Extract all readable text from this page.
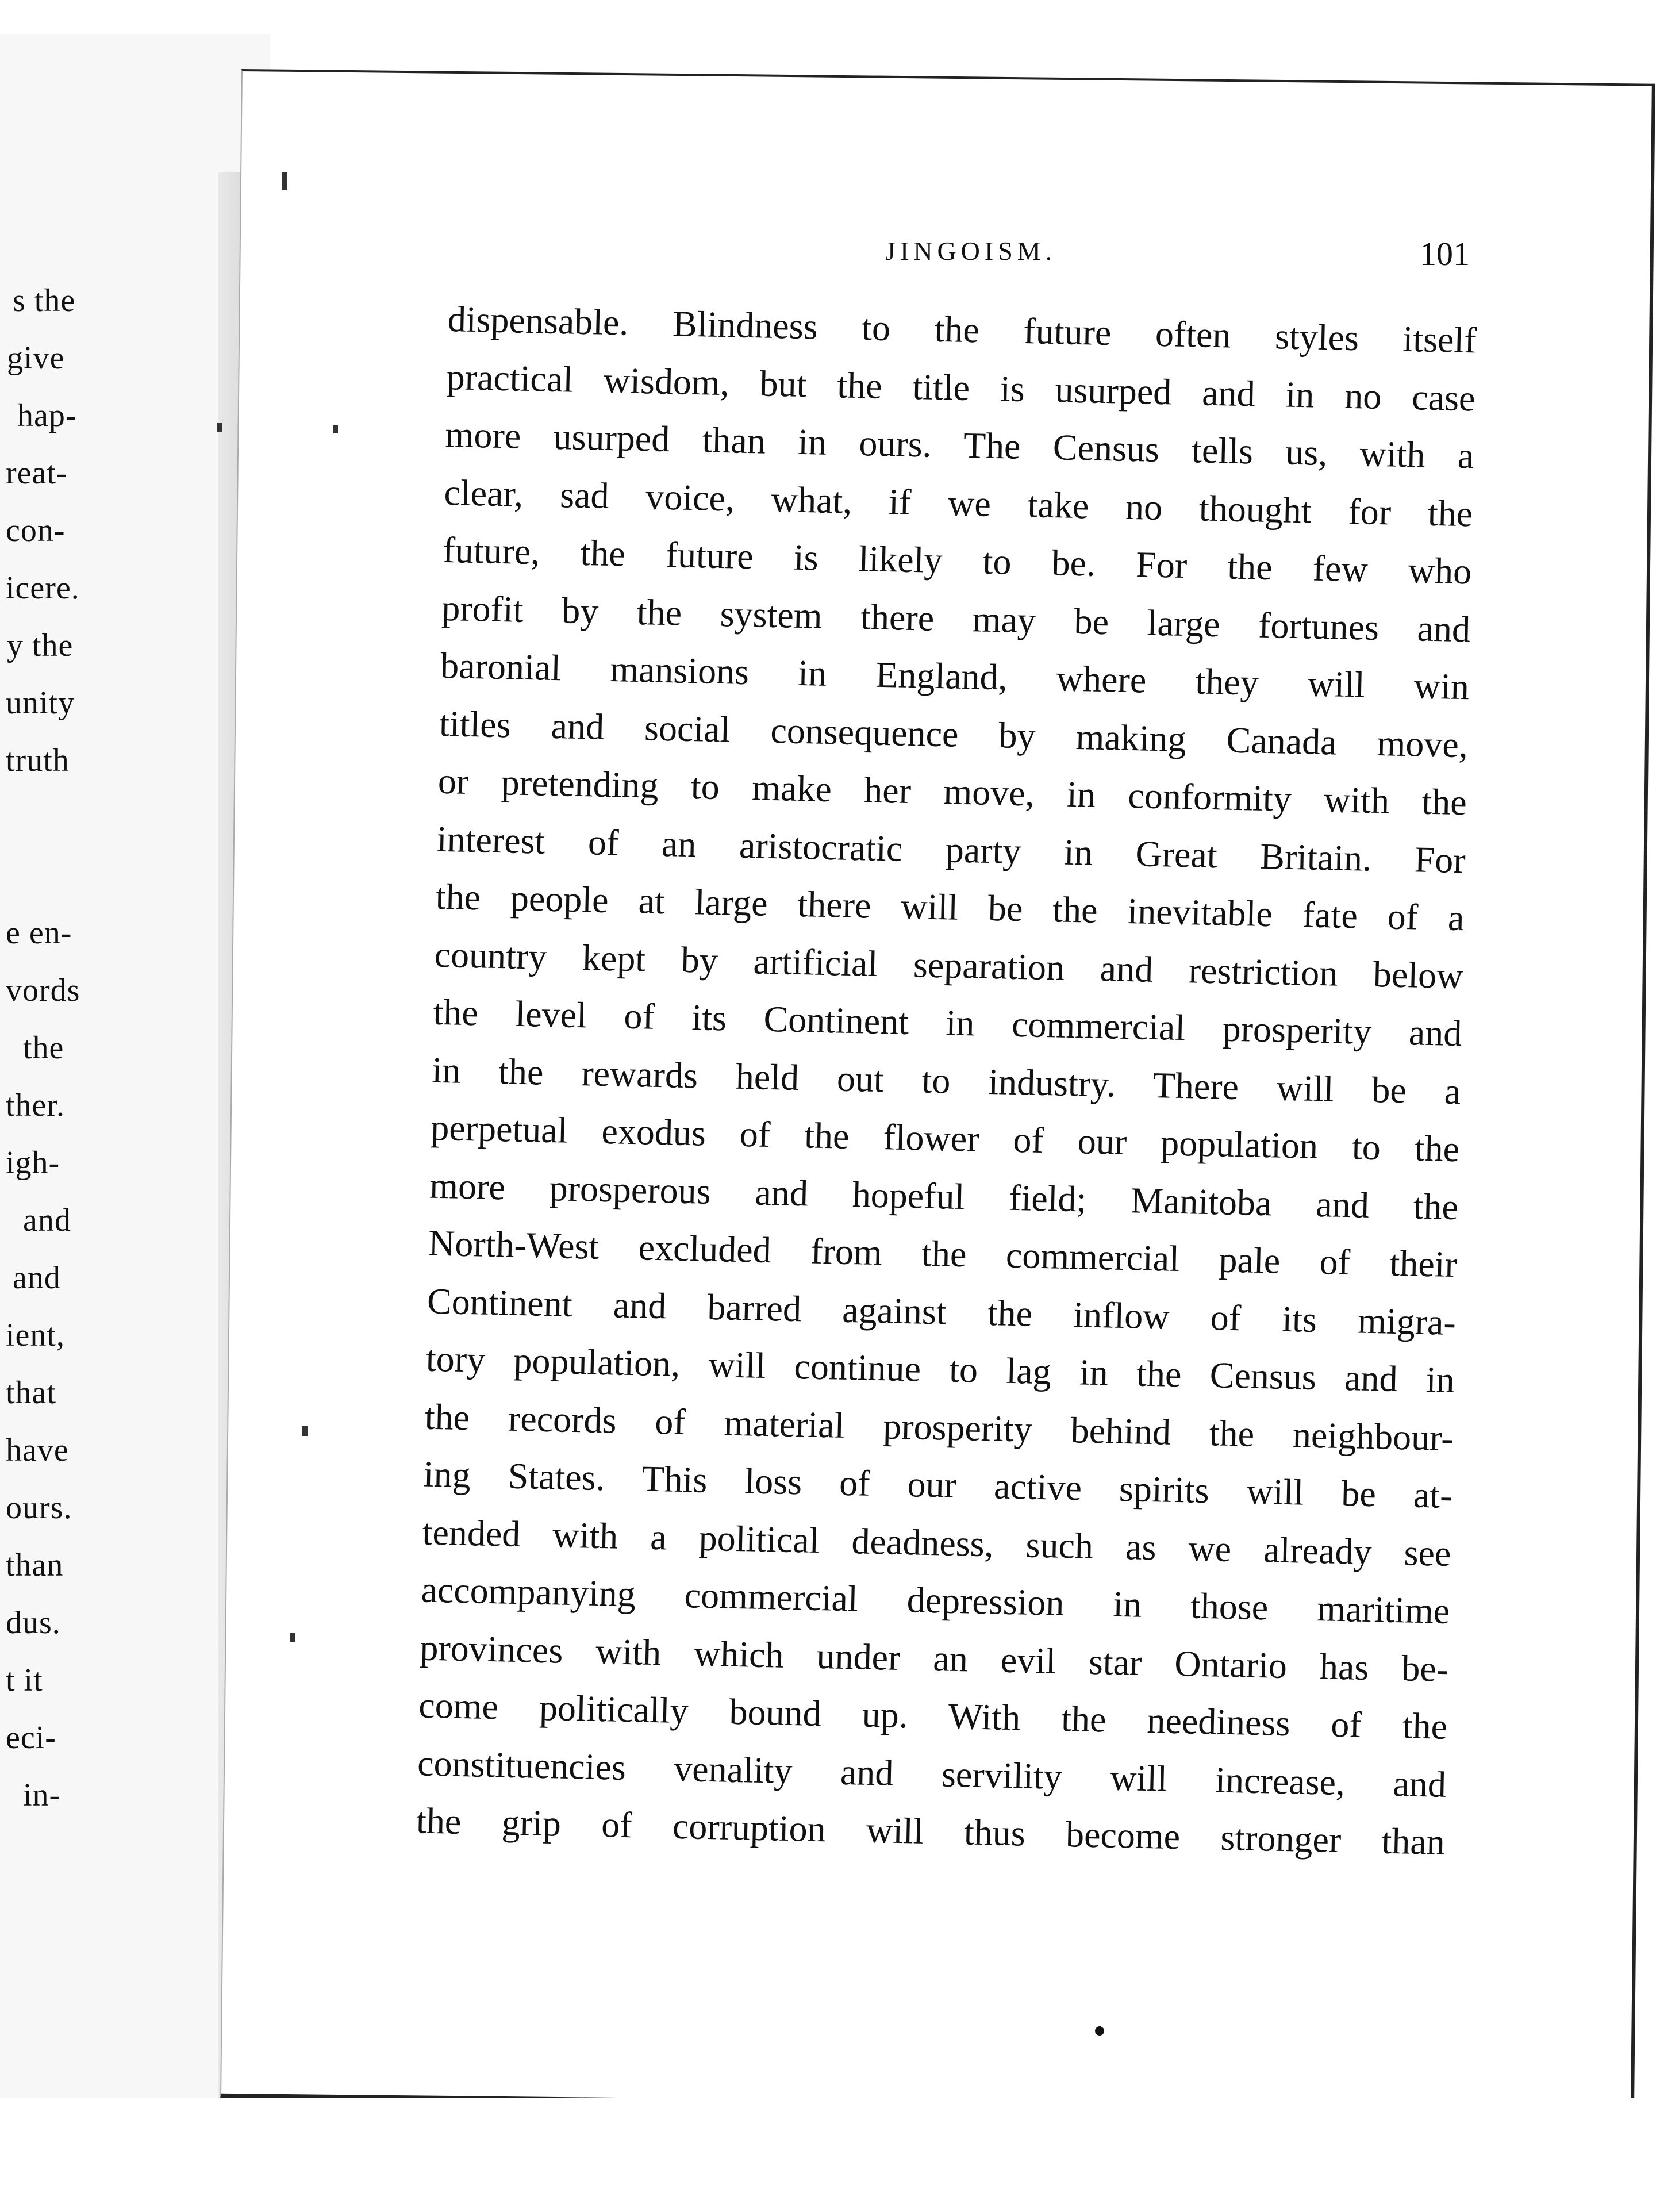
s the
give
hap-
reat-
con-
icere.
y the
unity
truth
e en-
vords
the
ther.
igh-
and
and
ient,
that
have
ours.
than
dus.
t it
eci-
in-
JINGOISM.	101
dispensable. Blindness to the future often styles itself
practical wisdom, but the title is usurped and in no case
more usurped than in ours. The Census tells us, with a
clear, sad voice, what, if we take no thought for the
future, the future is likely to be. For the few who
profit by the system there may be large fortunes and
baronial mansions in England, where they will win
titles and social consequence by making Canada move,
or pretending to make her move, in conformity with the
interest of an aristocratic party in Great Britain. For
the people at large there will be the inevitable fate of a
country kept by artificial separation and restriction below
the level of its Continent in commercial prosperity and
in the rewards held out to industry. There will be a
perpetual exodus of the flower of our population to the
more prosperous and hopeful field; Manitoba and the
North-West excluded from the commercial pale of their
Continent and barred against the inflow of its migra-
tory population, will continue to lag in the Census and in
the records of material prosperity behind the neighbour-
ing States. This loss of our active spirits will be at-
tended with a political deadness, such as we already see
accompanying commercial depression in those maritime
provinces with which under an evil star Ontario has be-
come politically bound up. With the neediness of the
constituencies venality and servility will increase, and
the grip of corruption will thus become stronger than
